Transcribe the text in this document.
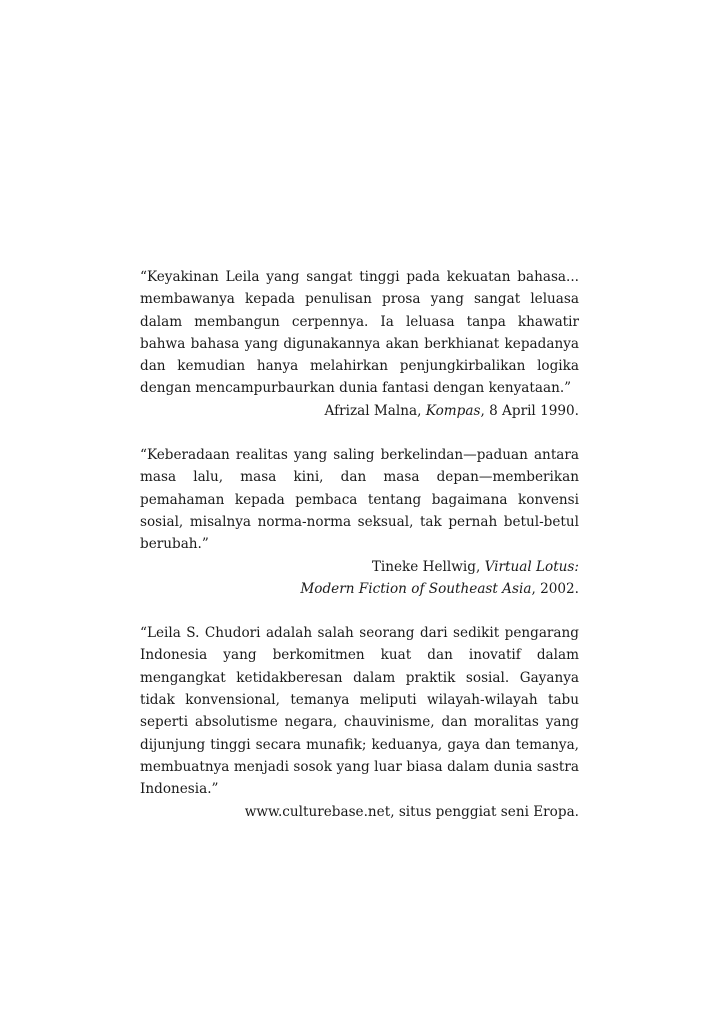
“Keyakinan Leila yang sangat tinggi pada kekuatan bahasa... membawanya kepada penulisan prosa yang sangat leluasa dalam membangun cerpennya. Ia leluasa tanpa khawatir bahwa bahasa yang digunakannya akan berkhianat kepadanya dan kemudian hanya melahirkan penjungkirbalikan logika dengan mencampurbaurkan dunia fantasi dengan kenyataan.”

Afrizal Malna, Kompas, 8 April 1990.

“Keberadaan realitas yang saling berkelindan—paduan antara masa lalu, masa kini, dan masa depan—memberikan pemahaman kepada pembaca tentang bagaimana konvensi sosial, misalnya norma-norma seksual, tak pernah betul-betul berubah.”

Tineke Hellwig, Virtual Lotus:

Modern Fiction of Southeast Asia, 2002.

“Leila S. Chudori adalah salah seorang dari sedikit pengarang Indonesia yang berkomitmen kuat dan inovatif dalam mengangkat ketidakberesan dalam praktik sosial. Gayanya tidak konvensional, temanya meliputi wilayah-wilayah tabu seperti absolutisme negara, chauvinisme, dan moralitas yang dijunjung tinggi secara munafik; keduanya, gaya dan temanya, membuatnya menjadi sosok yang luar biasa dalam dunia sastra Indonesia.”

www.culturebase.net, situs penggiat seni Eropa.
